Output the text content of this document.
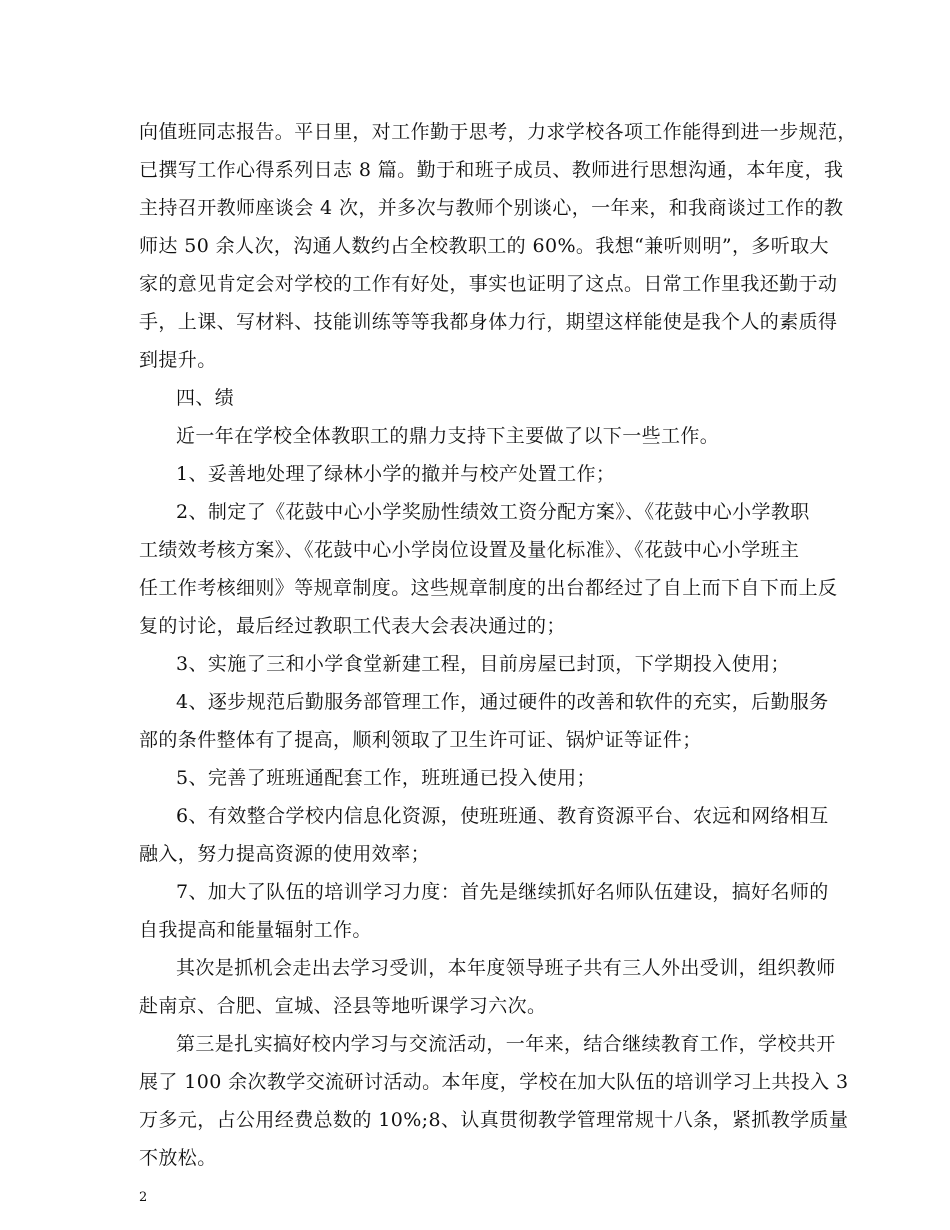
向值班同志报告。平日里，对工作勤于思考，力求学校各项工作能得到进一步规范，
已撰写工作心得系列日志 8 篇。勤于和班子成员、教师进行思想沟通，本年度，我
主持召开教师座谈会 4 次，并多次与教师个别谈心，一年来，和我商谈过工作的教
师达 50 余人次，沟通人数约占全校教职工的 60%。我想“兼听则明”，多听取大
家的意见肯定会对学校的工作有好处，事实也证明了这点。日常工作里我还勤于动
手，上课、写材料、技能训练等等我都身体力行，期望这样能使是我个人的素质得
到提升。
四、绩
近一年在学校全体教职工的鼎力支持下主要做了以下一些工作。
1、妥善地处理了绿林小学的撤并与校产处置工作；
2、制定了《花鼓中心小学奖励性绩效工资分配方案》、《花鼓中心小学教职
工绩效考核方案》、《花鼓中心小学岗位设置及量化标准》、《花鼓中心小学班主
任工作考核细则》等规章制度。这些规章制度的出台都经过了自上而下自下而上反
复的讨论，最后经过教职工代表大会表决通过的；
3、实施了三和小学食堂新建工程，目前房屋已封顶，下学期投入使用；
4、逐步规范后勤服务部管理工作，通过硬件的改善和软件的充实，后勤服务
部的条件整体有了提高，顺利领取了卫生许可证、锅炉证等证件；
5、完善了班班通配套工作，班班通已投入使用；
6、有效整合学校内信息化资源，使班班通、教育资源平台、农远和网络相互
融入，努力提高资源的使用效率；
7、加大了队伍的培训学习力度：首先是继续抓好名师队伍建设，搞好名师的
自我提高和能量辐射工作。
其次是抓机会走出去学习受训，本年度领导班子共有三人外出受训，组织教师
赴南京、合肥、宣城、泾县等地听课学习六次。
第三是扎实搞好校内学习与交流活动，一年来，结合继续教育工作，学校共开
展了 100 余次教学交流研讨活动。本年度，学校在加大队伍的培训学习上共投入 3
万多元，占公用经费总数的 10%;8、认真贯彻教学管理常规十八条，紧抓教学质量
不放松。
2
